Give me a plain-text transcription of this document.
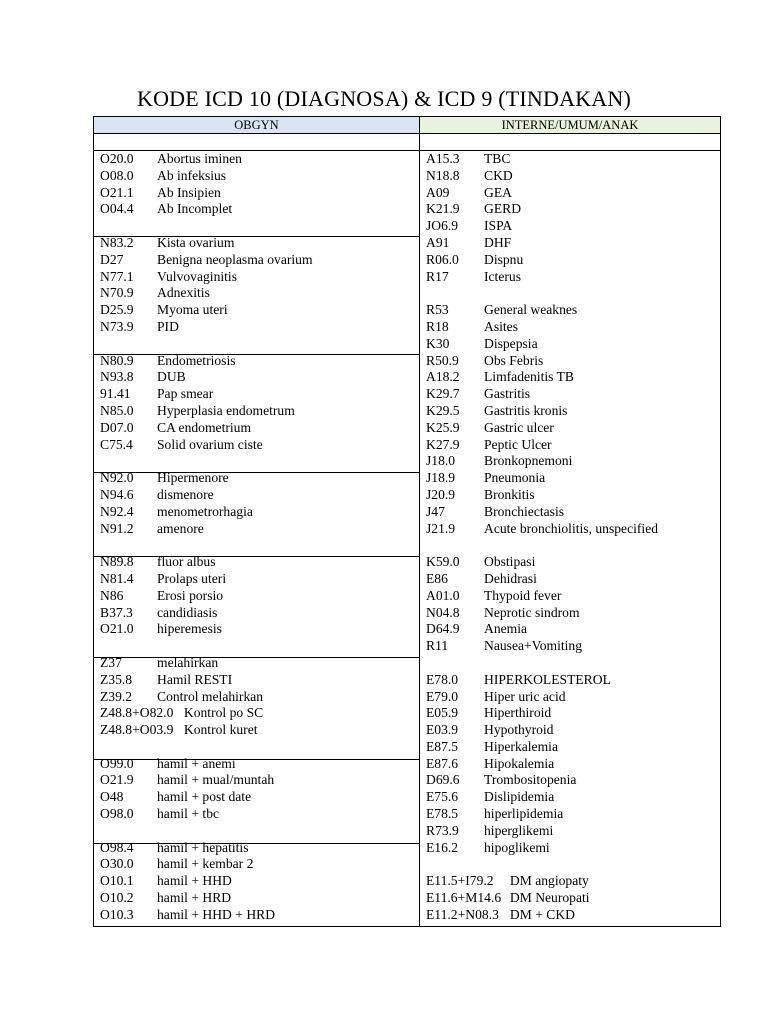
KODE ICD 10 (DIAGNOSA) & ICD 9 (TINDAKAN)
OBGYN	INTERNE/UMUM/ANAK
O20.0 Abortus iminen
O08.0 Ab infeksius
O21.1 Ab Insipien
O04.4 Ab Incomplet
N83.2 Kista ovarium
D27 Benigna neoplasma ovarium
N77.1 Vulvovaginitis
N70.9 Adnexitis
D25.9 Myoma uteri
N73.9 PID
N80.9 Endometriosis
N93.8 DUB
91.41 Pap smear
N85.0 Hyperplasia endometrum
D07.0 CA endometrium
C75.4 Solid ovarium ciste
N92.0 Hipermenore
N94.6 dismenore
N92.4 menometrorhagia
N91.2 amenore
N89.8 fluor albus
N81.4 Prolaps uteri
N86 Erosi porsio
B37.3 candidiasis
O21.0 hiperemesis
Z37	melahirkan
Z35.8 Hamil RESTI
Z39.2 Control melahirkan
Z48.8+O82.0 Kontrol po SC
Z48.8+O03.9 Kontrol kuret
O99.0 hamil + anemi
O21.9 hamil + mual/muntah
O48 hamil + post date
O98.0 hamil + tbc
O98.4 hamil + hepatitis
O30.0 hamil + kembar 2
O10.1 hamil + HHD
O10.2 hamil + HRD
O10.3 hamil + HHD + HRD
A15.3 TBC
N18.8 CKD
A09	GEA
K21.9 GERD
JO6.9 ISPA
A91	DHF
R06.0 Dispnu
R17	Icterus
R53	General weaknes
R18	Asites
K30	Dispepsia
R50.9 Obs Febris
A18.2 Limfadenitis TB
K29.7 Gastritis
K29.5 Gastritis kronis
K25.9 Gastric ulcer
K27.9 Peptic Ulcer
J18.0 Bronkopnemoni
J18.9 Pneumonia
J20.9 Bronkitis
J47	Bronchiectasis
J21.9 Acute bronchiolitis, unspecified
K59.0 Obstipasi
E86	Dehidrasi
A01.0 Thypoid fever
N04.8 Neprotic sindrom
D64.9 Anemia
R11	Nausea+Vomiting
E78.0 HIPERKOLESTEROL
E79.0 Hiper uric acid
E05.9 Hiperthiroid
E03.9 Hypothyroid
E87.5 Hiperkalemia
E87.6 Hipokalemia
D69.6 Trombositopenia
E75.6 Dislipidemia
E78.5 hiperlipidemia
R73.9 hiperglikemi
E16.2 hipoglikemi
E11.5+I79.2 DM angiopaty
E11.6+M14.6 DM Neuropati
E11.2+N08.3 DM + CKD
